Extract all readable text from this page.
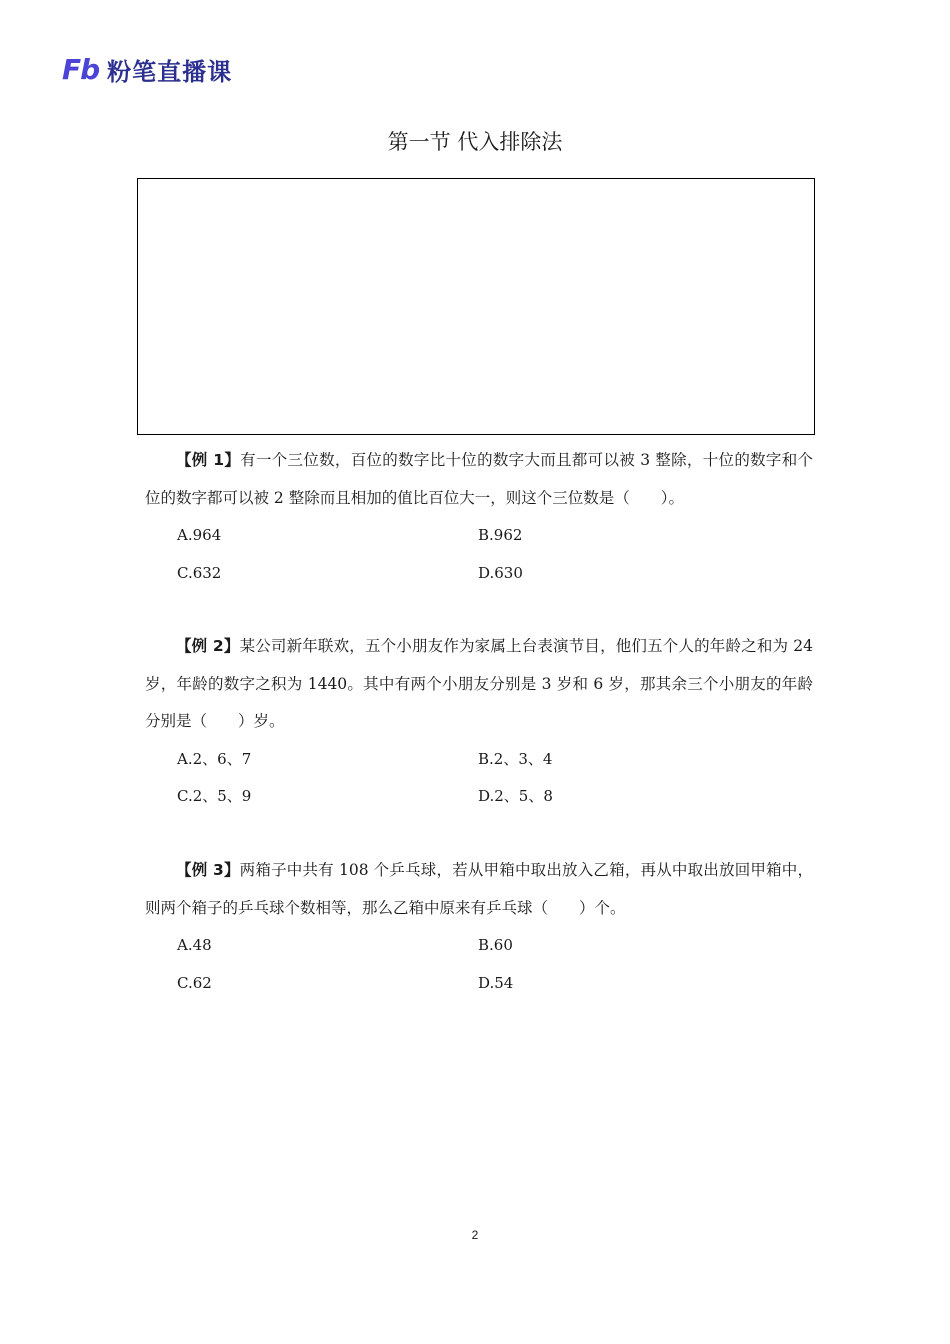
Fb 粉笔直播课
第一节 代入排除法

【例 1】有一个三位数，百位的数字比十位的数字大而且都可以被 3 整除，十位的数字和个位的数字都可以被 2 整除而且相加的值比百位大一，则这个三位数是（　　）。

A.964	B.962
C.632	D.630

【例 2】某公司新年联欢，五个小朋友作为家属上台表演节目，他们五个人的年龄之和为 24 岁，年龄的数字之积为 1440。其中有两个小朋友分别是 3 岁和 6 岁，那其余三个小朋友的年龄分别是（　　）岁。

A.2、6、7	B.2、3、4
C.2、5、9	D.2、5、8

【例 3】两箱子中共有 108 个乒乓球，若从甲箱中取出放入乙箱，再从中取出放回甲箱中，则两个箱子的乒乓球个数相等，那么乙箱中原来有乒乓球（　　）个。

A.48	B.60
C.62	D.54
2
